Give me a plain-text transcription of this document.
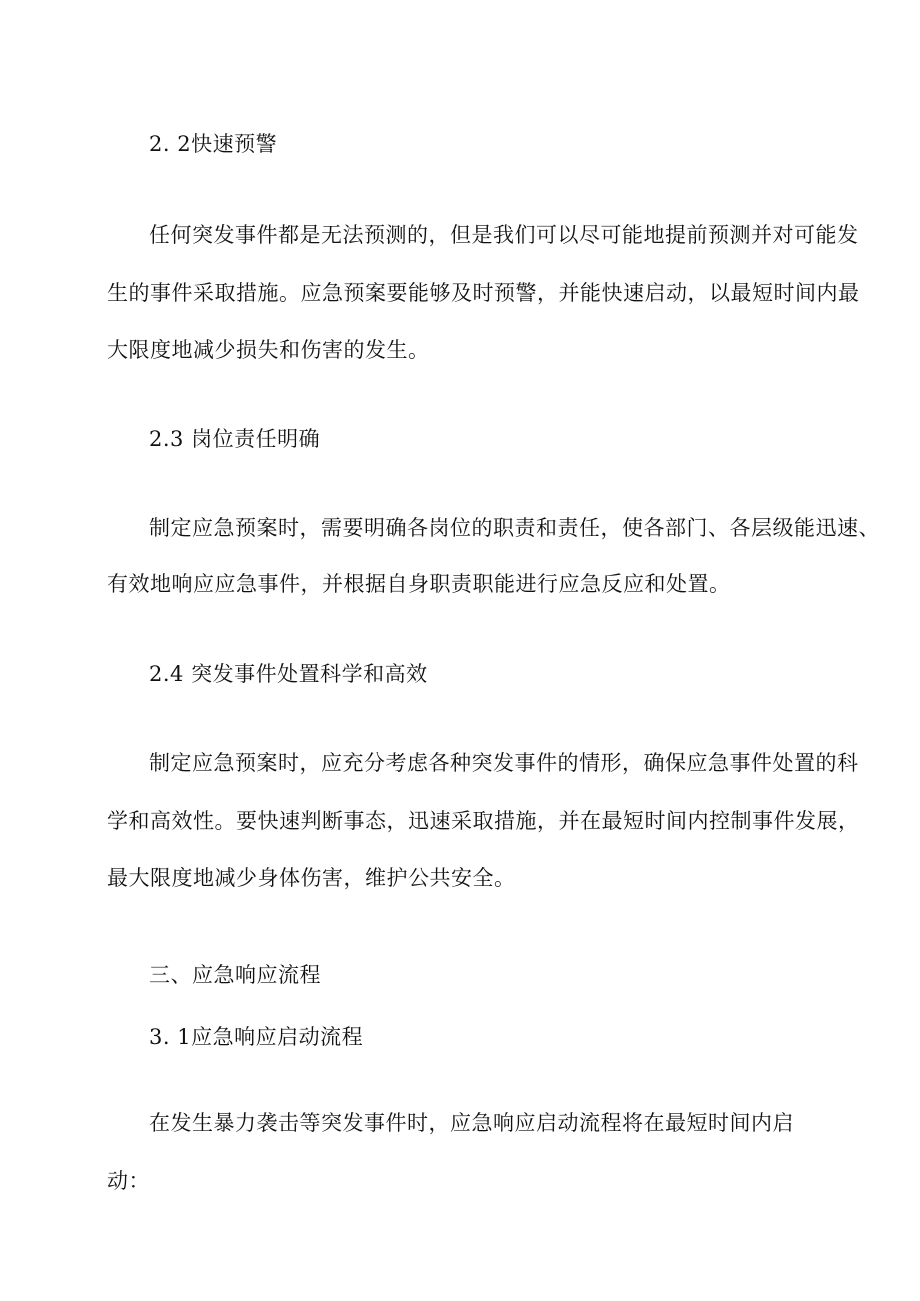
2. 2快速预警
任何突发事件都是无法预测的，但是我们可以尽可能地提前预测并对可能发
生的事件采取措施。应急预案要能够及时预警，并能快速启动，以最短时间内最
大限度地减少损失和伤害的发生。
2.3 岗位责任明确
制定应急预案时，需要明确各岗位的职责和责任，使各部门、各层级能迅速、
有效地响应应急事件，并根据自身职责职能进行应急反应和处置。
2.4 突发事件处置科学和高效
制定应急预案时，应充分考虑各种突发事件的情形，确保应急事件处置的科
学和高效性。要快速判断事态，迅速采取措施，并在最短时间内控制事件发展，
最大限度地减少身体伤害，维护公共安全。
三、应急响应流程
3. 1应急响应启动流程
在发生暴力袭击等突发事件时，应急响应启动流程将在最短时间内启
动：
